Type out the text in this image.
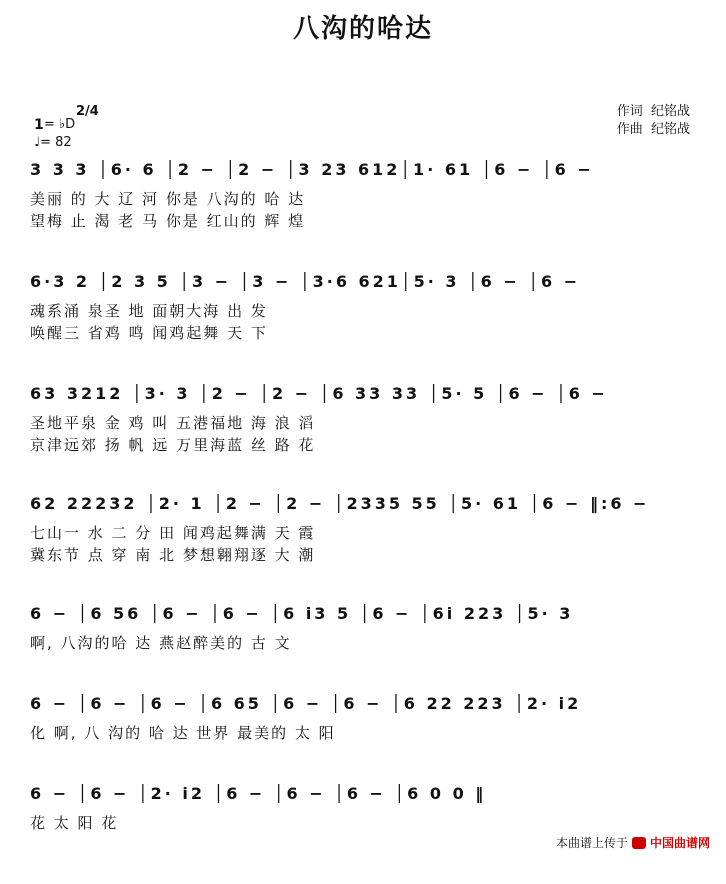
八沟的哈达
1 = ♭D
2/4
♩= 82
作词  纪铭战
作曲  纪铭战
3 3 3 │6· 6 │2 − │2 − │3 23 612│1· 61 │6 − │6 −
美丽 的 大 辽 河 你是 八沟的 哈 达
望梅 止 渴 老 马 你是 红山的 辉 煌
6·3 2 │2 3 5 │3 − │3 − │3·6 621│5· 3 │6 − │6 −
魂系涌 泉圣 地 面朝大海 出 发
唤醒三 省鸡 鸣 闻鸡起舞 天 下
63 3212 │3· 3 │2 − │2 − │6 33 33 │5· 5 │6 − │6 −
圣地平泉 金 鸡 叫 五港福地 海 浪 滔
京津远郊 扬 帆 远 万里海蓝 丝 路 花
62 22232 │2· 1 │2 − │2 − │2335 55 │5· 61 │6 − ‖:6 −
七山一 水 二 分 田 闻鸡起舞满 天 霞
冀东节 点 穿 南 北 梦想翱翔逐 大 潮
6 − │6 56 │6 − │6 − │6 i3 5 │6 − │6i 223 │5· 3
啊, 八沟的哈 达 燕赵醉美的 古 文
6 − │6 − │6 − │6 65 │6 − │6 − │6 22 223 │2· i2
化 啊, 八 沟的 哈 达 世界 最美的 太 阳
6 − │6 − │2· i2 │6 − │6 − │6 − │6 0 0 ‖
花 太 阳 花
本曲谱上传于 中国曲谱网
